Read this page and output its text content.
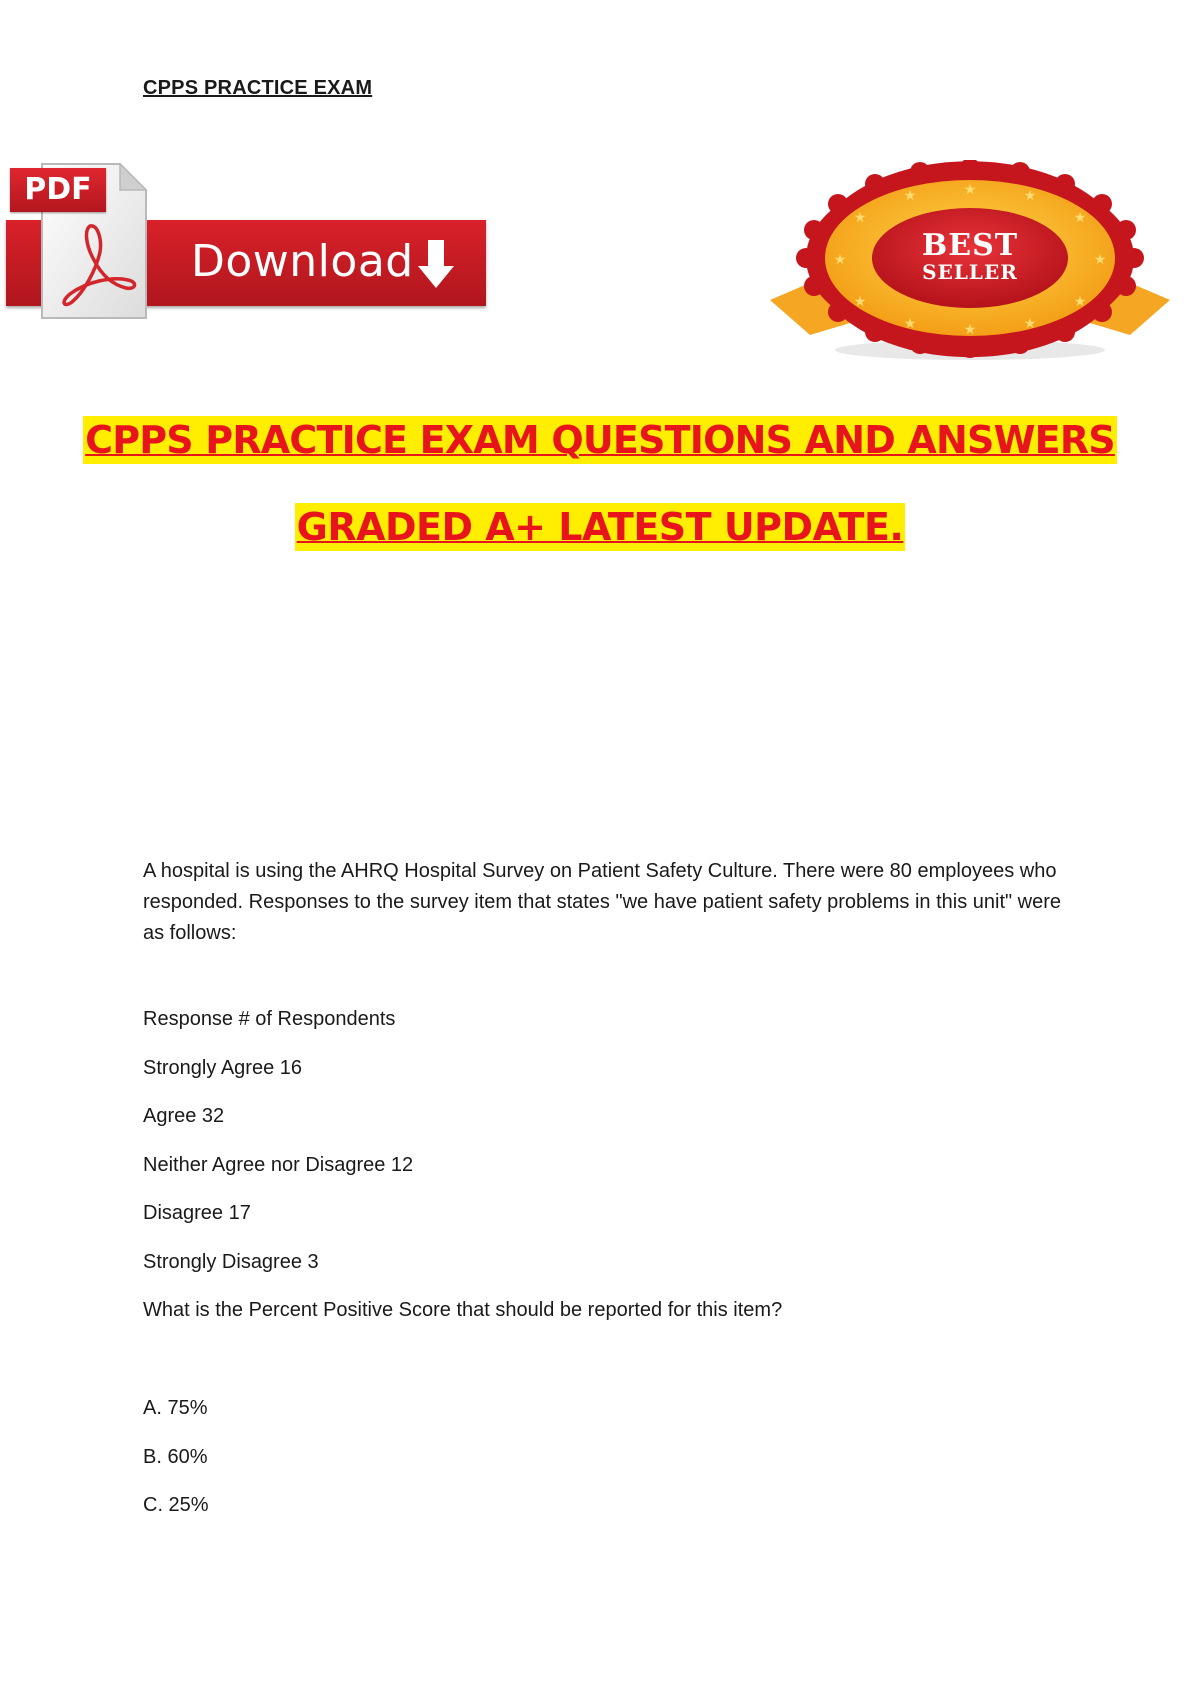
CPPS PRACTICE EXAM
Download
PDF	★	★
★
★
★
★
★
★
★
★
★
★
BEST
SELLER
CPPS PRACTICE EXAM QUESTIONS AND ANSWERS
GRADED A+ LATEST UPDATE.
A hospital is using the AHRQ Hospital Survey on Patient Safety Culture. There were 80 employees who responded. Responses to the survey item that states "we have patient safety problems in this unit" were as follows:
Response # of Respondents
Strongly Agree 16
Agree 32
Neither Agree nor Disagree 12
Disagree 17
Strongly Disagree 3
What is the Percent Positive Score that should be reported for this item?
A. 75%
B. 60%
C. 25%
